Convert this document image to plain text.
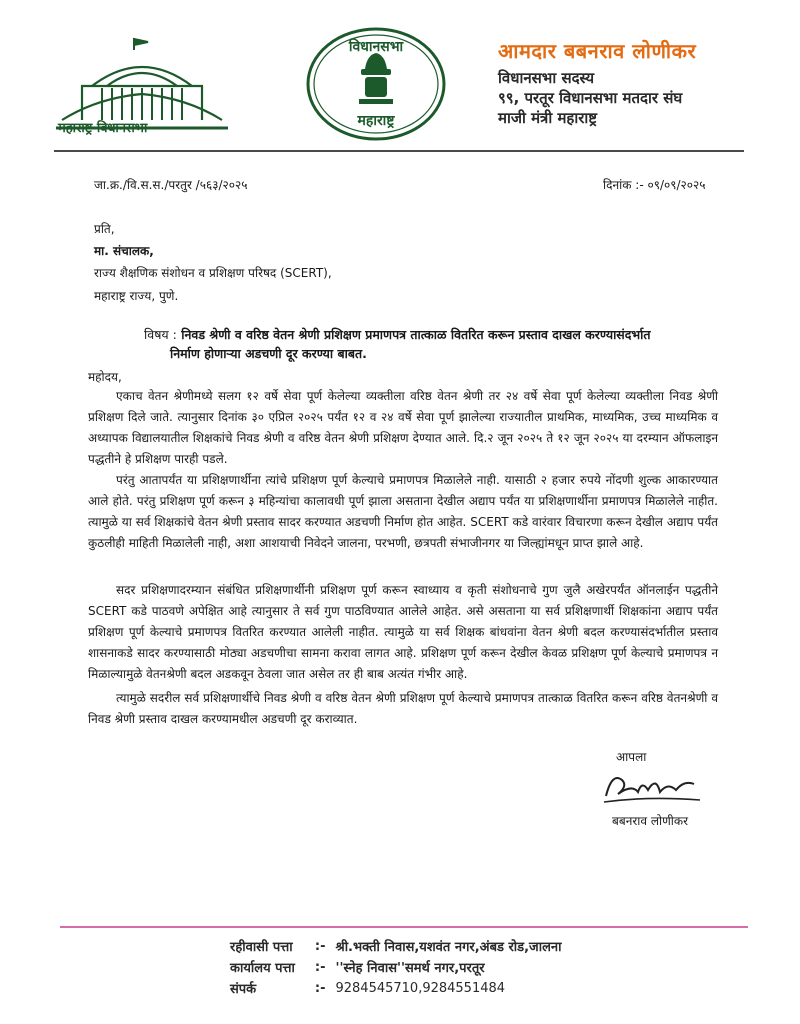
महाराष्ट्र विधानसभा
विधानसभा
महाराष्ट्र
आमदार बबनराव लोणीकर
विधानसभा सदस्य
९९, परतूर विधानसभा मतदार संघ
माजी मंत्री महाराष्ट्र
जा.क्र./वि.स.स./परतुर /५६३/२०२५	दिनांक :- ०९/०९/२०२५
प्रति,
मा. संचालक,
राज्य शैक्षणिक संशोधन व प्रशिक्षण परिषद (SCERT),
महाराष्ट्र राज्य, पुणे.
विषय : निवड श्रेणी व वरिष्ठ वेतन श्रेणी प्रशिक्षण प्रमाणपत्र तात्काळ वितरित करून प्रस्ताव दाखल करण्यासंदर्भात
निर्माण होणाऱ्या अडचणी दूर करण्या बाबत.
महोदय,

एकाच वेतन श्रेणीमध्ये सलग १२ वर्षे सेवा पूर्ण केलेल्या व्यक्तीला वरिष्ठ वेतन श्रेणी तर २४ वर्षे सेवा पूर्ण केलेल्या व्यक्तीला निवड श्रेणी प्रशिक्षण दिले जाते. त्यानुसार दिनांक ३० एप्रिल २०२५ पर्यंत १२ व २४ वर्षे सेवा पूर्ण झालेल्या राज्यातील प्राथमिक, माध्यमिक, उच्च माध्यमिक व अध्यापक विद्यालयातील शिक्षकांचे निवड श्रेणी व वरिष्ठ वेतन श्रेणी प्रशिक्षण देण्यात आले. दि.२ जून २०२५ ते १२ जून २०२५ या दरम्यान ऑफलाइन पद्धतीने हे प्रशिक्षण पारही पडले.

परंतु आतापर्यंत या प्रशिक्षणार्थीना त्यांचे प्रशिक्षण पूर्ण केल्याचे प्रमाणपत्र मिळालेले नाही. यासाठी २ हजार रुपये नोंदणी शुल्क आकारण्यात आले होते. परंतु प्रशिक्षण पूर्ण करून ३ महिन्यांचा कालावधी पूर्ण झाला असताना देखील अद्याप पर्यंत या प्रशिक्षणार्थीना प्रमाणपत्र मिळालेले नाहीत. त्यामुळे या सर्व शिक्षकांचे वेतन श्रेणी प्रस्ताव सादर करण्यात अडचणी निर्माण होत आहेत. SCERT कडे वारंवार विचारणा करून देखील अद्याप पर्यंत कुठलीही माहिती मिळालेली नाही, अशा आशयाची निवेदने जालना, परभणी, छत्रपती संभाजीनगर या जिल्ह्यांमधून प्राप्त झाले आहे.

सदर प्रशिक्षणादरम्यान संबंधित प्रशिक्षणार्थीनी प्रशिक्षण पूर्ण करून स्वाध्याय व कृती संशोधनाचे गुण जुलै अखेरपर्यंत ऑनलाईन पद्धतीने SCERT कडे पाठवणे अपेक्षित आहे त्यानुसार ते सर्व गुण पाठविण्यात आलेले आहेत. असे असताना या सर्व प्रशिक्षणार्थी शिक्षकांना अद्याप पर्यंत प्रशिक्षण पूर्ण केल्याचे प्रमाणपत्र वितरित करण्यात आलेली नाहीत. त्यामुळे या सर्व शिक्षक बांधवांना वेतन श्रेणी बदल करण्यासंदर्भातील प्रस्ताव शासनाकडे सादर करण्यासाठी मोठ्या अडचणीचा सामना करावा लागत आहे. प्रशिक्षण पूर्ण करून देखील केवळ प्रशिक्षण पूर्ण केल्याचे प्रमाणपत्र न मिळाल्यामुळे वेतनश्रेणी बदल अडकवून ठेवला जात असेल तर ही बाब अत्यंत गंभीर आहे.

त्यामुळे सदरील सर्व प्रशिक्षणार्थीचे निवड श्रेणी व वरिष्ठ वेतन श्रेणी प्रशिक्षण पूर्ण केल्याचे प्रमाणपत्र तात्काळ वितरित करून वरिष्ठ वेतनश्रेणी व निवड श्रेणी प्रस्ताव दाखल करण्यामधील अडचणी दूर कराव्यात.

आपला
बबनराव लोणीकर
रहीवासी पत्ता	:-	श्री.भक्ती निवास,यशवंत नगर,अंबड रोड,जालना
कार्यालय पत्ता	:-	''स्नेह निवास''समर्थ नगर,परतूर
संपर्क	:-	9284545710,9284551484
